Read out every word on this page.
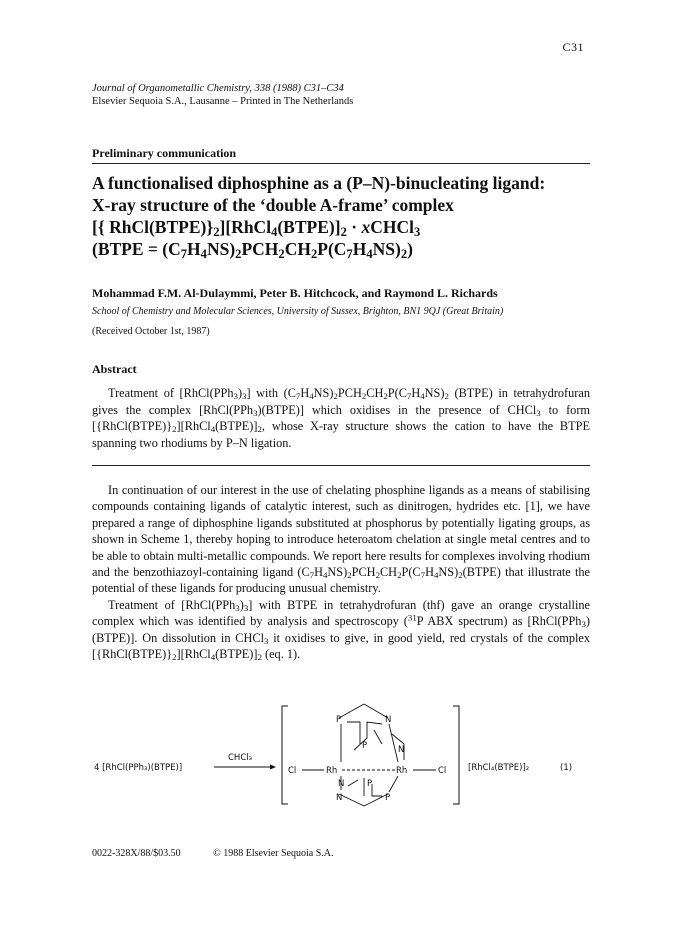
C31
Journal of Organometallic Chemistry, 338 (1988) C31–C34
Elsevier Sequoia S.A., Lausanne – Printed in The Netherlands
Preliminary communication
A functionalised diphosphine as a (P–N)-binucleating ligand:
X-ray structure of the ‘double A-frame’ complex
[{ $RhCl(BTPE)\}_2][RhCl_4(BTPE)]_2$ · xCHCl$_3$
(BTPE = $(C_7H_4NS)_2PCH_2CH_2P(C_7H_4NS)_2$)
Mohammad F.M. Al-Dulaymmi, Peter B. Hitchcock, and Raymond L. Richards
School of Chemistry and Molecular Sciences, University of Sussex, Brighton, BN1 9QJ (Great Britain)
(Received October 1st, 1987)
Abstract

Treatment of $[RhCl(PPh_3)_3]$ with $(C_7H_4NS)_2PCH_2CH_2P(C_7H_4NS)_2$ (BTPE) in tetrahydrofuran gives the complex [RhCl(PPh$_3$)(BTPE)] which oxidises in the presence of CHCl$_3$ to form $[\{RhCl(BTPE)\}_2][RhCl_4(BTPE)]_2$, whose X-ray structure shows the cation to have the BTPE spanning two rhodiums by P–N ligation.

In continuation of our interest in the use of chelating phosphine ligands as a means of stabilising compounds containing ligands of catalytic interest, such as dinitrogen, hydrides etc. [1], we have prepared a range of diphosphine ligands substituted at phosphorus by potentially ligating groups, as shown in Scheme 1, thereby hoping to introduce heteroatom chelation at single metal centres and to be able to obtain multi-metallic compounds. We report here results for complexes involving rhodium and the benzothiazoyl-containing ligand $(C_7H_4NS)_2PCH_2CH_2P(C_7H_4NS)_2(BTPE)$ that illustrate the potential of these ligands for producing unusual chemistry.

Treatment of $[RhCl(PPh_3)_3]$ with BTPE in tetrahydrofuran (thf) gave an orange crystalline complex which was identified by analysis and spectroscopy ($^{31}$P ABX spectrum) as [RhCl(PPh$_3$)(BTPE)]. On dissolution in CHCl$_3$ it oxidises to give, in good yield, red crystals of the complex $[\{RhCl(BTPE)\}_2][RhCl_4(BTPE)]_2$ (eq. 1).

4 [RhCl(PPh₃)(BTPE)]
CHCl₃
P	N
P	N
Cl	Rh	Rh	Cl
P
N
N	P
[RhCl₄(BTPE)]₂	(1)
0022-328X/88/$03.50	© 1988 Elsevier Sequoia S.A.
